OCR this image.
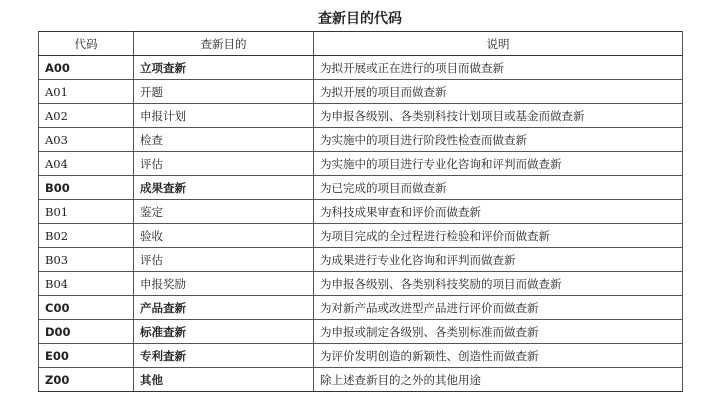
查新目的代码
代码	查新目的	说明
A00	立项查新	为拟开展或正在进行的项目而做查新
A01	开题	为拟开展的项目而做查新
A02	申报计划	为申报各级别、各类别科技计划项目或基金而做查新
A03	检查	为实施中的项目进行阶段性检查而做查新
A04	评估	为实施中的项目进行专业化咨询和评判而做查新
B00	成果查新	为已完成的项目而做查新
B01	鉴定	为科技成果审查和评价而做查新
B02	验收	为项目完成的全过程进行检验和评价而做查新
B03	评估	为成果进行专业化咨询和评判而做查新
B04	申报奖励	为申报各级别、各类别科技奖励的项目而做查新
C00	产品查新	为对新产品或改进型产品进行评价而做查新
D00	标准查新	为申报或制定各级别、各类别标准而做查新
E00	专利查新	为评价发明创造的新颖性、创造性而做查新
Z00	其他	除上述查新目的之外的其他用途
